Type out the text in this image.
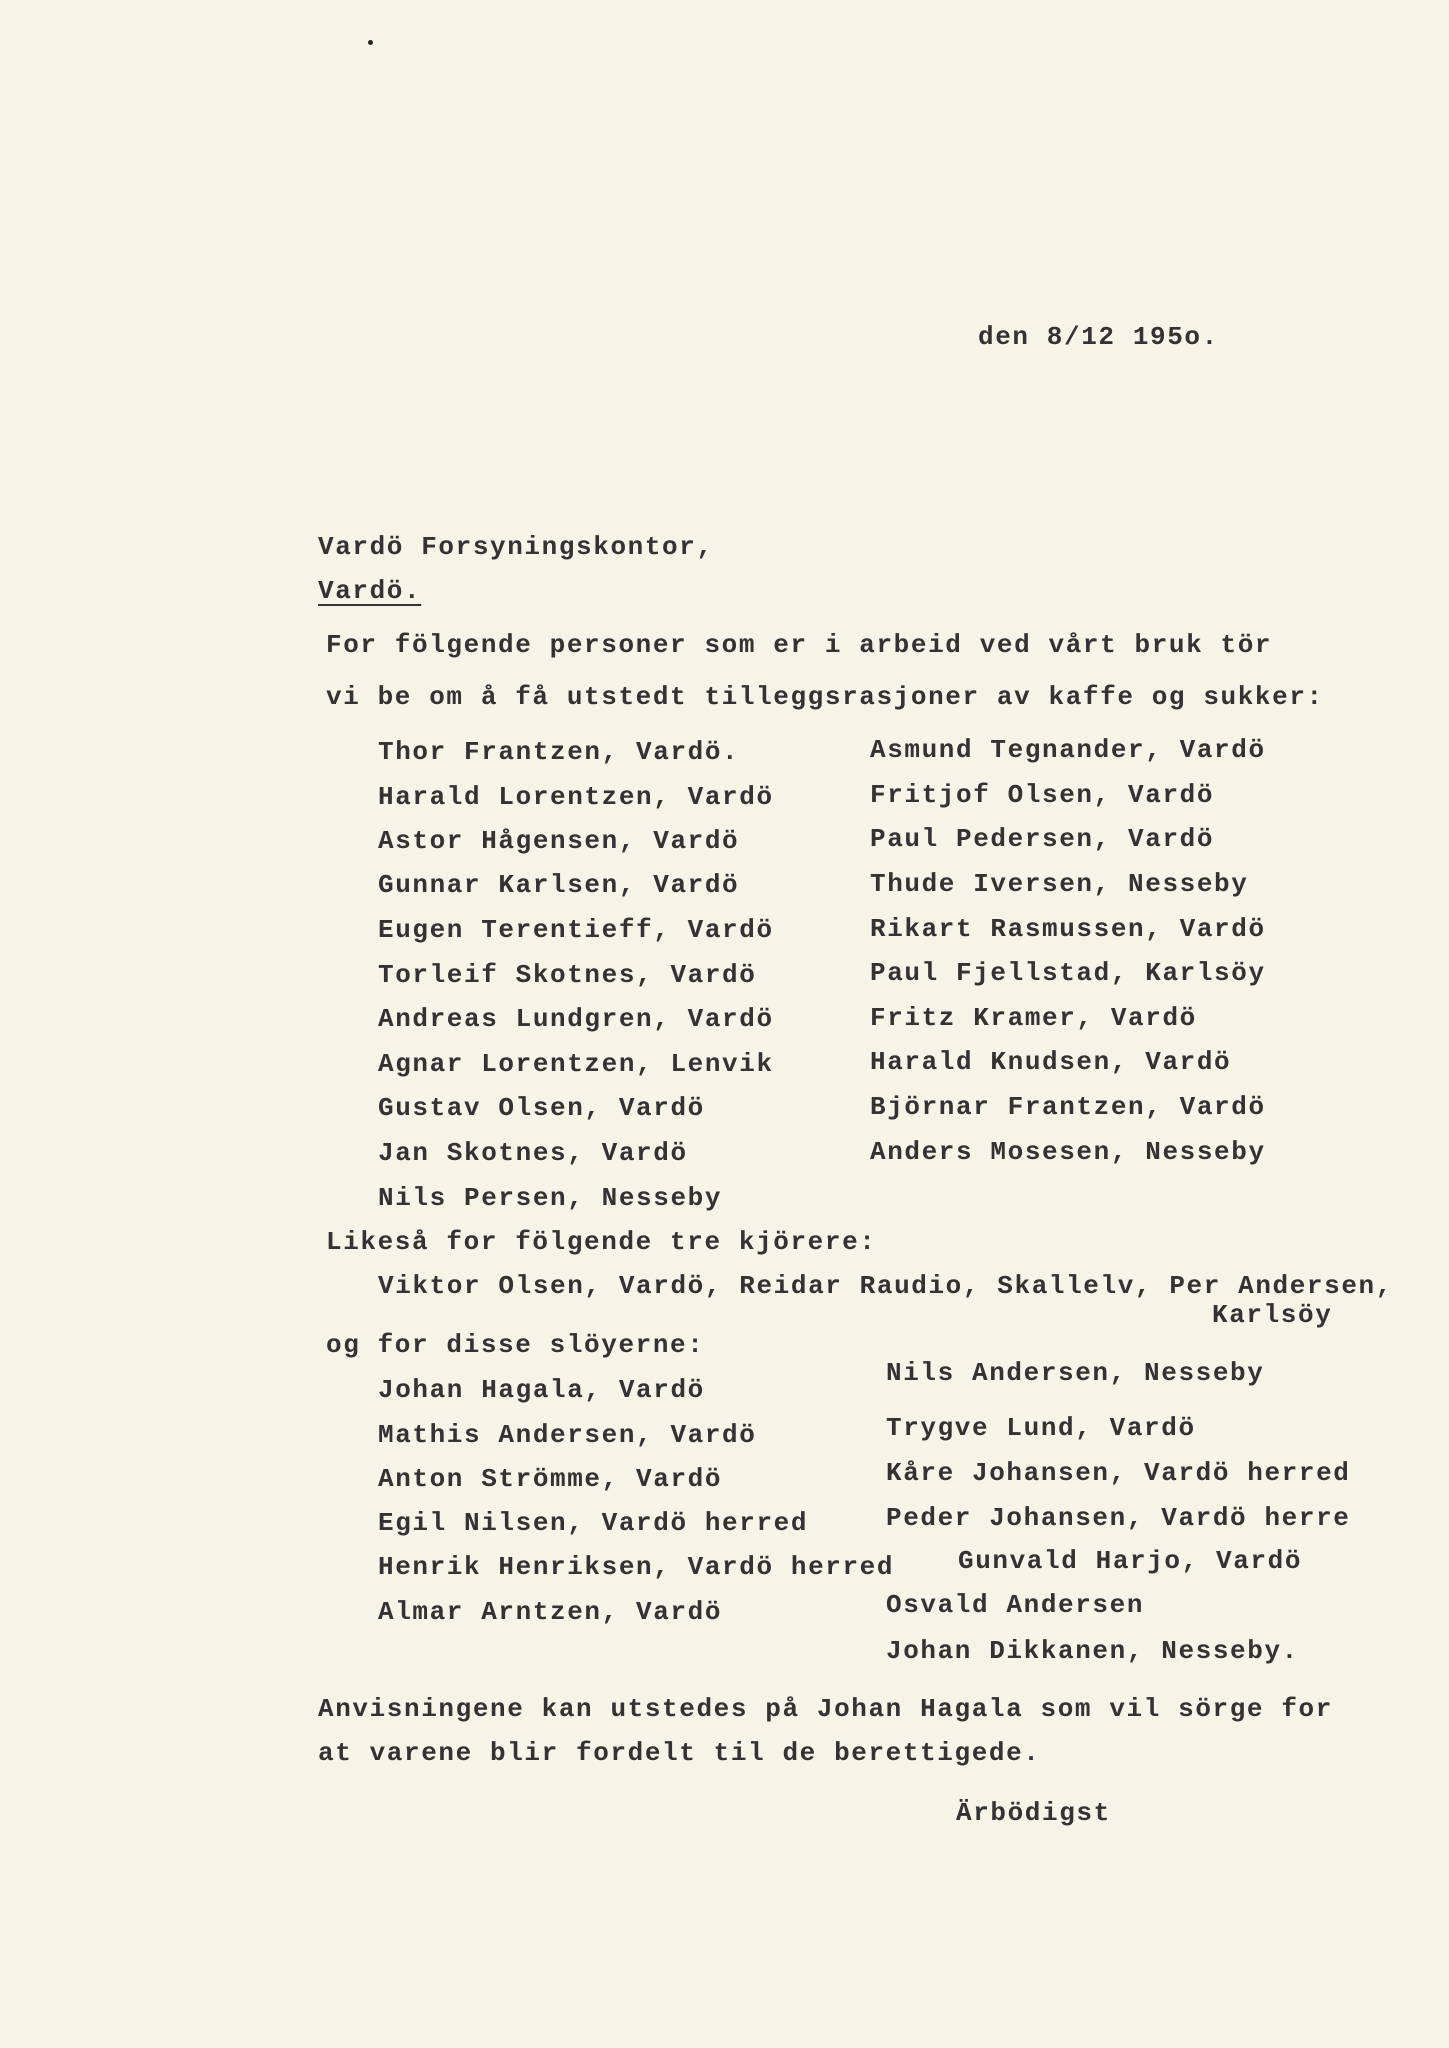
den 8/12 195o.
Vardö Forsyningskontor,
Vardö.
For fölgende personer som er i arbeid ved vårt bruk tör
vi be om å få utstedt tilleggsrasjoner av kaffe og sukker:
Thor Frantzen, Vardö.
Harald Lorentzen, Vardö
Astor Hågensen, Vardö
Gunnar Karlsen, Vardö
Eugen Terentieff, Vardö
Torleif Skotnes, Vardö
Andreas Lundgren, Vardö
Agnar Lorentzen, Lenvik
Gustav Olsen, Vardö
Jan Skotnes, Vardö
Nils Persen, Nesseby
Asmund Tegnander, Vardö
Fritjof Olsen, Vardö
Paul Pedersen, Vardö
Thude Iversen, Nesseby
Rikart Rasmussen, Vardö
Paul Fjellstad, Karlsöy
Fritz Kramer, Vardö
Harald Knudsen, Vardö
Björnar Frantzen, Vardö
Anders Mosesen, Nesseby
Likeså for fölgende tre kjörere:
Viktor Olsen, Vardö, Reidar Raudio, Skallelv, Per Andersen,
Karlsöy
og for disse slöyerne:
Johan Hagala, Vardö
Mathis Andersen, Vardö
Anton Strömme, Vardö
Egil Nilsen, Vardö herred
Henrik Henriksen, Vardö herred
Almar Arntzen, Vardö
Nils Andersen, Nesseby
Trygve Lund, Vardö
Kåre Johansen, Vardö herred
Peder Johansen, Vardö herre
Gunvald Harjo, Vardö
Osvald Andersen
Johan Dikkanen, Nesseby.
Anvisningene kan utstedes på Johan Hagala som vil sörge for
at varene blir fordelt til de berettigede.
Ärbödigst
